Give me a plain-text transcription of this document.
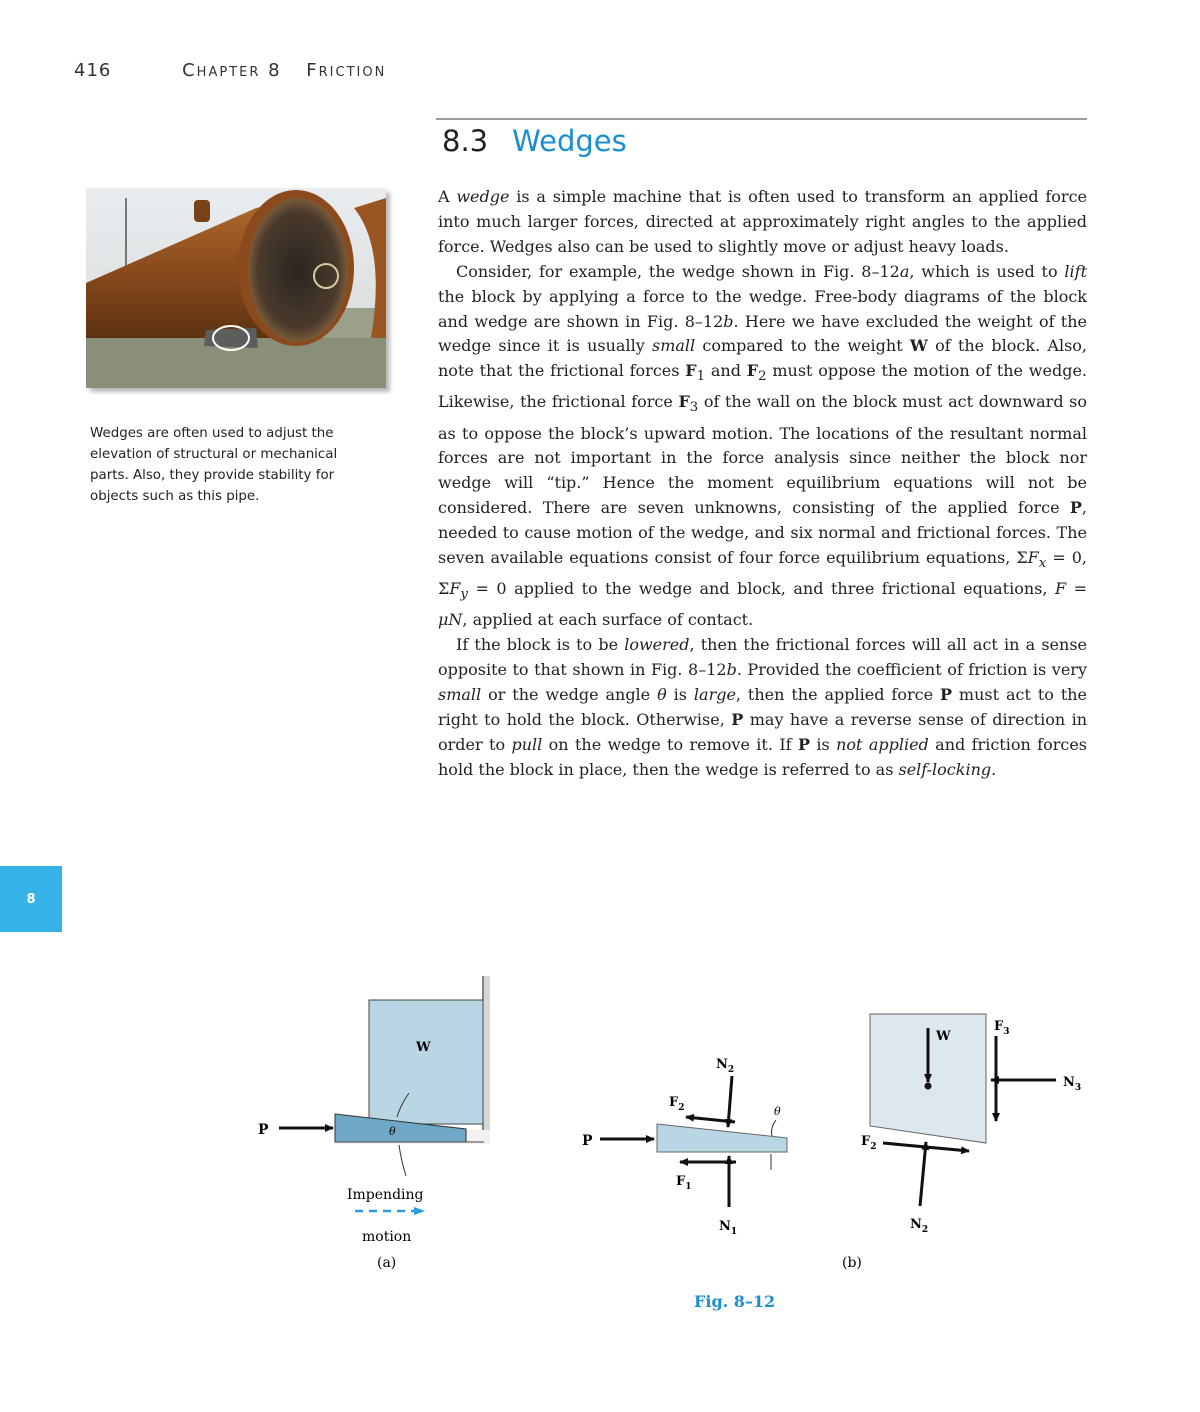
416	Chapter 8 Friction
8.3 Wedges
Wedges are often used to adjust the elevation of structural or mechanical parts. Also, they provide stability for objects such as this pipe.

A wedge is a simple machine that is often used to transform an applied force into much larger forces, directed at approximately right angles to the applied force. Wedges also can be used to slightly move or adjust heavy loads.

Consider, for example, the wedge shown in Fig. 8–12a, which is used to lift the block by applying a force to the wedge. Free-body diagrams of the block and wedge are shown in Fig. 8–12b. Here we have excluded the weight of the wedge since it is usually small compared to the weight W of the block. Also, note that the frictional forces $F_1$ and $F_2$ must oppose the motion of the wedge. Likewise, the frictional force $F_3$ of the wall on the block must act downward so as to oppose the block’s upward motion. The locations of the resultant normal forces are not important in the force analysis since neither the block nor wedge will “tip.” Hence the moment equilibrium equations will not be considered. There are seven unknowns, consisting of the applied force P, needed to cause motion of the wedge, and six normal and frictional forces. The seven available equations consist of four force equilibrium equations, $\Sigma F_x = 0$, $\Sigma F_y = 0$ applied to the wedge and block, and three frictional equations, F = μN, applied at each surface of contact.

If the block is to be lowered, then the frictional forces will all act in a sense opposite to that shown in Fig. 8–12b. Provided the coefficient of friction is very small or the wedge angle θ is large, then the applied force P must act to the right to hold the block. Otherwise, P may have a reverse sense of direction in order to pull on the wedge to remove it. If P is not applied and friction forces hold the block in place, then the wedge is referred to as self-locking.

8
P
W
θ
Impending
motion
(a)
P
$N_2$
$F_2$
$F_1$
$N_1$
θ
W
$F_3$
$N_3$
$F_2$
$N_2$
(b)
Fig. 8–12
